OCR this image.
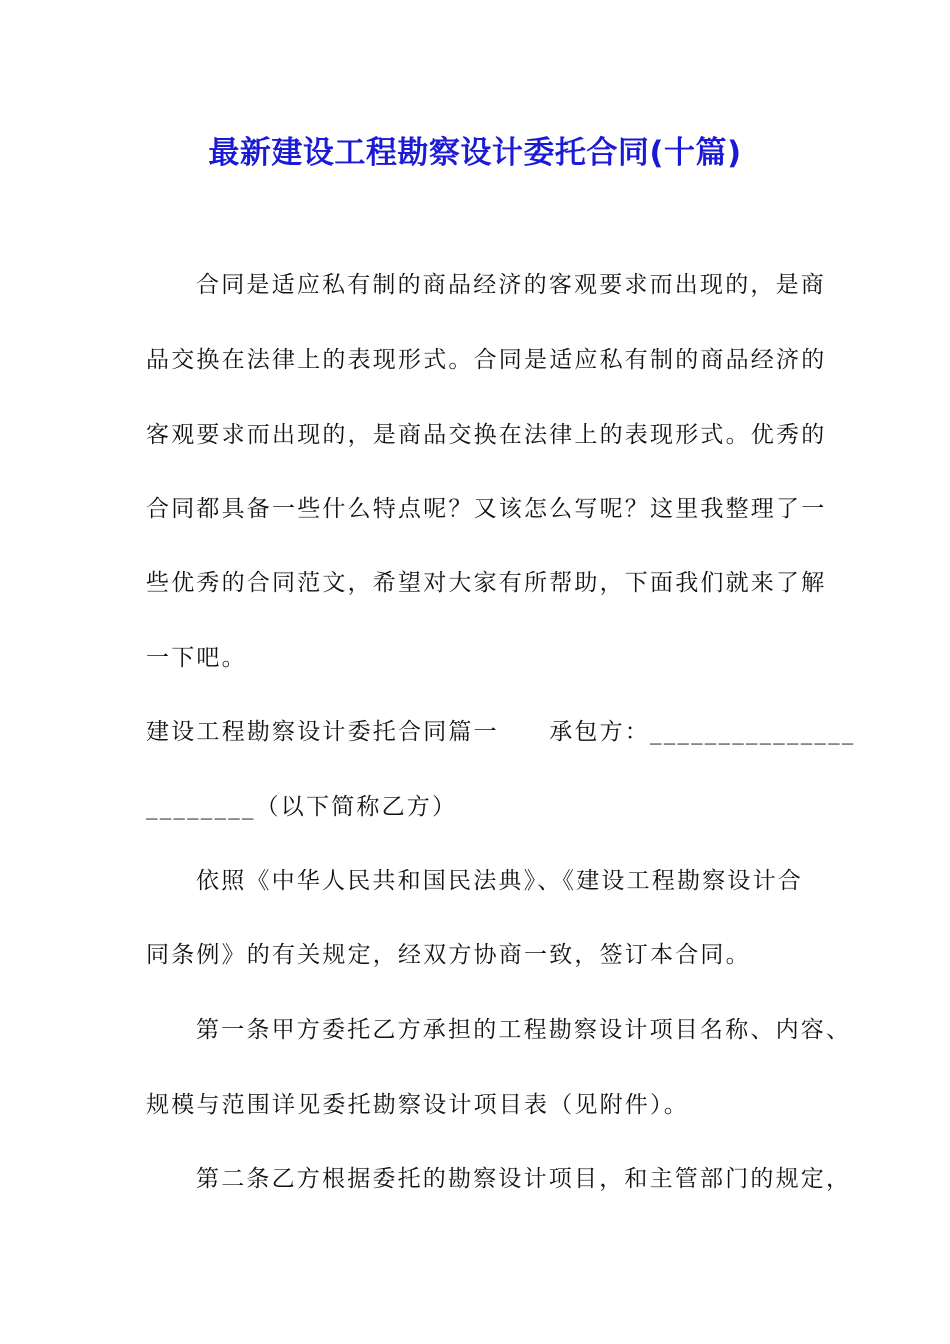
最新建设工程勘察设计委托合同(十篇)
合同是适应私有制的商品经济的客观要求而出现的，是商
品交换在法律上的表现形式。合同是适应私有制的商品经济的
客观要求而出现的，是商品交换在法律上的表现形式。优秀的
合同都具备一些什么特点呢？又该怎么写呢？这里我整理了一
些优秀的合同范文，希望对大家有所帮助，下面我们就来了解
一下吧。
建设工程勘察设计委托合同篇一　　承包方：_______________
________（以下简称乙方）
依照《中华人民共和国民法典》、《建设工程勘察设计合
同条例》的有关规定，经双方协商一致，签订本合同。
第一条甲方委托乙方承担的工程勘察设计项目名称、内容、
规模与范围详见委托勘察设计项目表（见附件）。
第二条乙方根据委托的勘察设计项目，和主管部门的规定，
